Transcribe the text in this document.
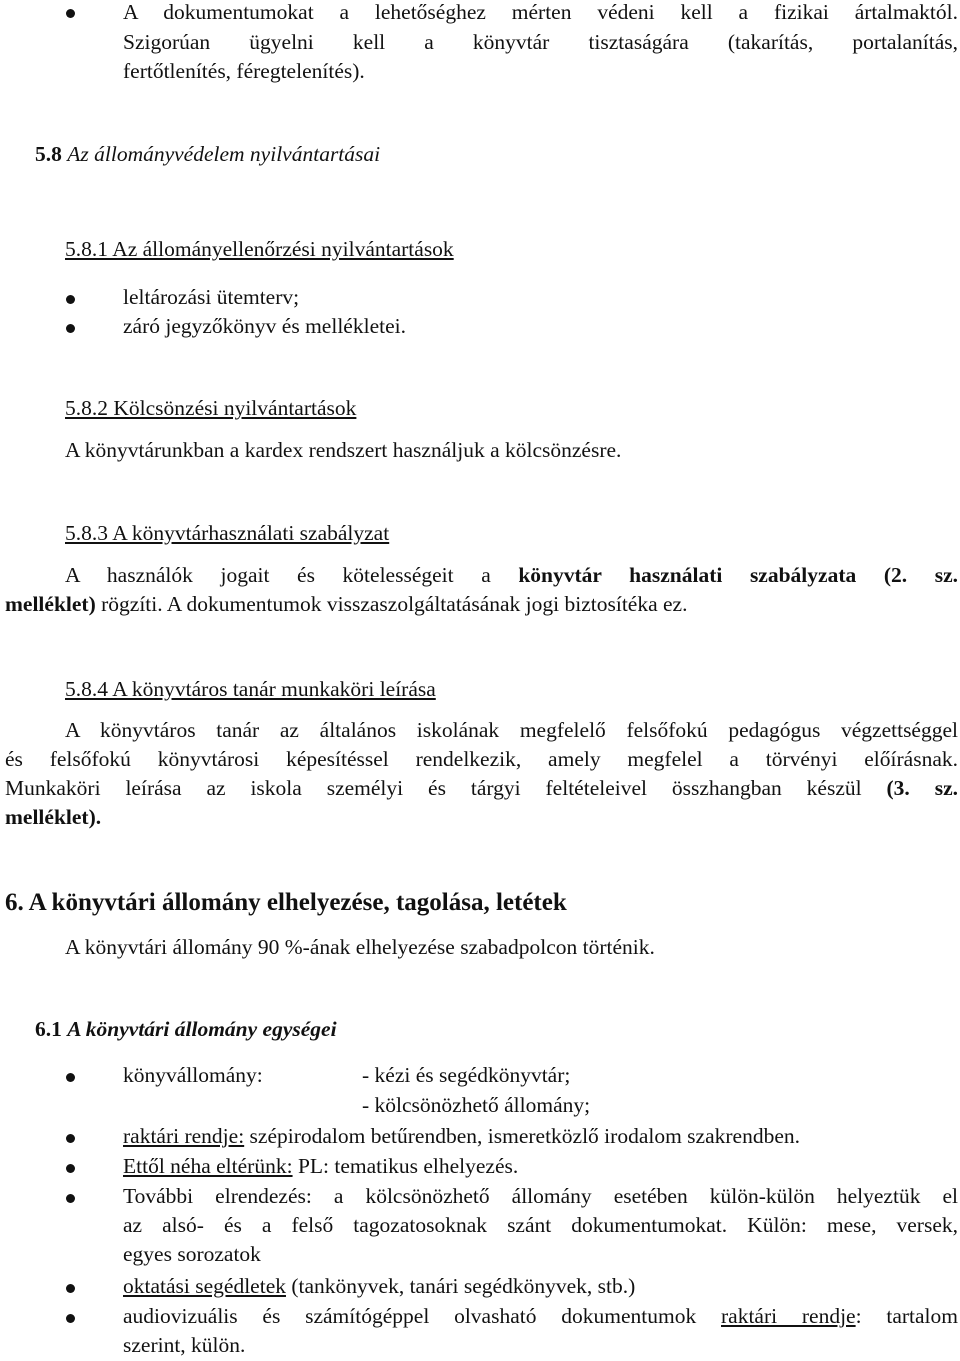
A dokumentumokat a lehetőséghez mérten védeni kell a fizikai ártalmaktól.
Szigorúan ügyelni kell a könyvtár tisztaságára (takarítás, portalanítás,
fertőtlenítés, féregtelenítés).
5.8 Az állományvédelem nyilvántartásai
5.8.1 Az állományellenőrzési nyilvántartások
leltározási ütemterv;
záró jegyzőkönyv és mellékletei.
5.8.2 Kölcsönzési nyilvántartások
A könyvtárunkban a kardex rendszert használjuk a kölcsönzésre.
5.8.3 A könyvtárhasználati szabályzat
A használók jogait és kötelességeit a könyvtár használati szabályzata (2. sz.
melléklet) rögzíti. A dokumentumok visszaszolgáltatásának jogi biztosítéka ez.
5.8.4 A könyvtáros tanár munkaköri leírása
A könyvtáros tanár az általános iskolának megfelelő felsőfokú pedagógus végzettséggel
és felsőfokú könyvtárosi képesítéssel rendelkezik, amely megfelel a törvényi előírásnak.
Munkaköri leírása az iskola személyi és tárgyi feltételeivel összhangban készül (3. sz.
melléklet).
6. A könyvtári állomány elhelyezése, tagolása, letétek
A könyvtári állomány 90 %-ának elhelyezése szabadpolcon történik.
6.1 A könyvtári állomány egységei
könyvállomány:	- kézi és segédkönyvtár;
- kölcsönözhető állomány;
raktári rendje: szépirodalom betűrendben, ismeretközlő irodalom szakrendben.
Ettől néha eltérünk: PL: tematikus elhelyezés.
További elrendezés: a kölcsönözhető állomány esetében külön-külön helyeztük el
az alsó- és a felső tagozatosoknak szánt dokumentumokat. Külön: mese, versek,
egyes sorozatok
oktatási segédletek (tankönyvek, tanári segédkönyvek, stb.)
audiovizuális és számítógéppel olvasható dokumentumok raktári rendje: tartalom
szerint, külön.
